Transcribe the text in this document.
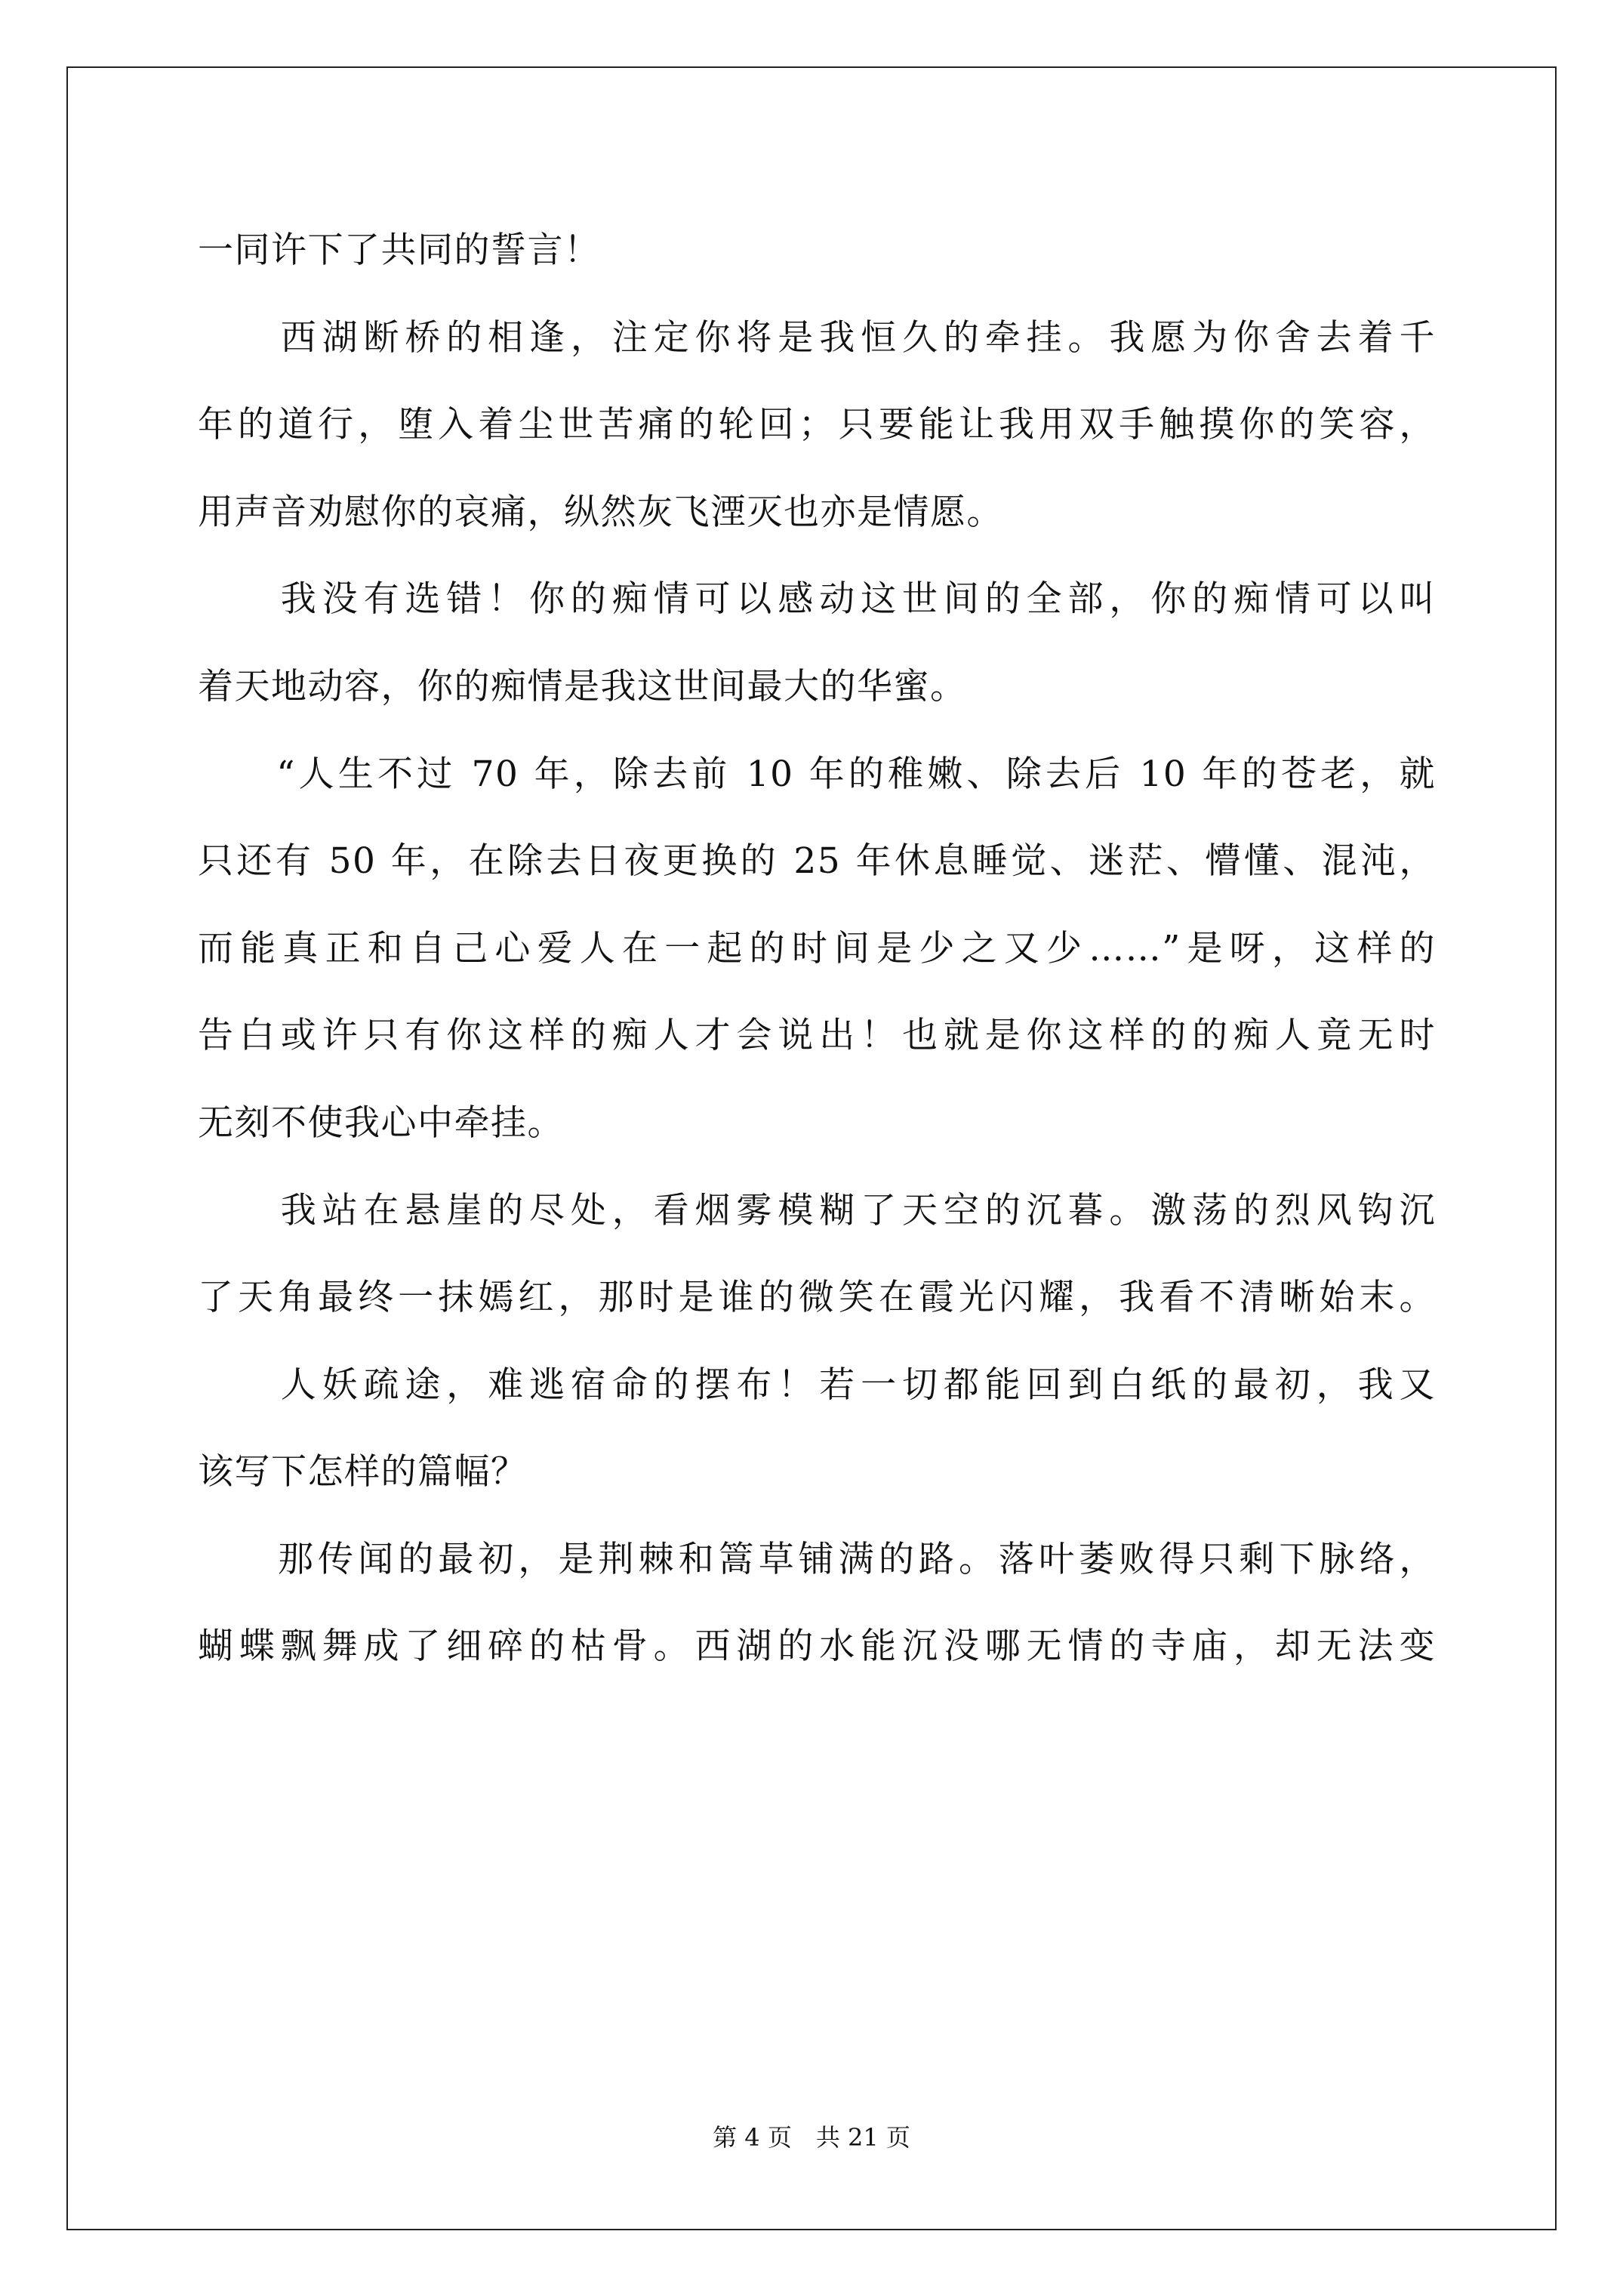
一同许下了共同的誓言！
　　西湖断桥的相逢，注定你将是我恒久的牵挂。我愿为你舍去着千
年的道行，堕入着尘世苦痛的轮回；只要能让我用双手触摸你的笑容，
用声音劝慰你的哀痛，纵然灰飞湮灭也亦是情愿。
　　我没有选错！你的痴情可以感动这世间的全部，你的痴情可以叫
着天地动容，你的痴情是我这世间最大的华蜜。
　　“人生不过 70 年，除去前 10 年的稚嫩、除去后 10 年的苍老，就
只还有 50 年，在除去日夜更换的 25 年休息睡觉、迷茫、懵懂、混沌，
而能真正和自己心爱人在一起的时间是少之又少……”是呀，这样的
告白或许只有你这样的痴人才会说出！也就是你这样的的痴人竟无时
无刻不使我心中牵挂。
　　我站在悬崖的尽处，看烟雾模糊了天空的沉暮。激荡的烈风钩沉
了天角最终一抹嫣红，那时是谁的微笑在霞光闪耀，我看不清晰始末。
　　人妖疏途，难逃宿命的摆布！若一切都能回到白纸的最初，我又
该写下怎样的篇幅？
　　那传闻的最初，是荆棘和篙草铺满的路。落叶萎败得只剩下脉络，
蝴蝶飘舞成了细碎的枯骨。西湖的水能沉没哪无情的寺庙，却无法变
第 4 页　共 21 页
